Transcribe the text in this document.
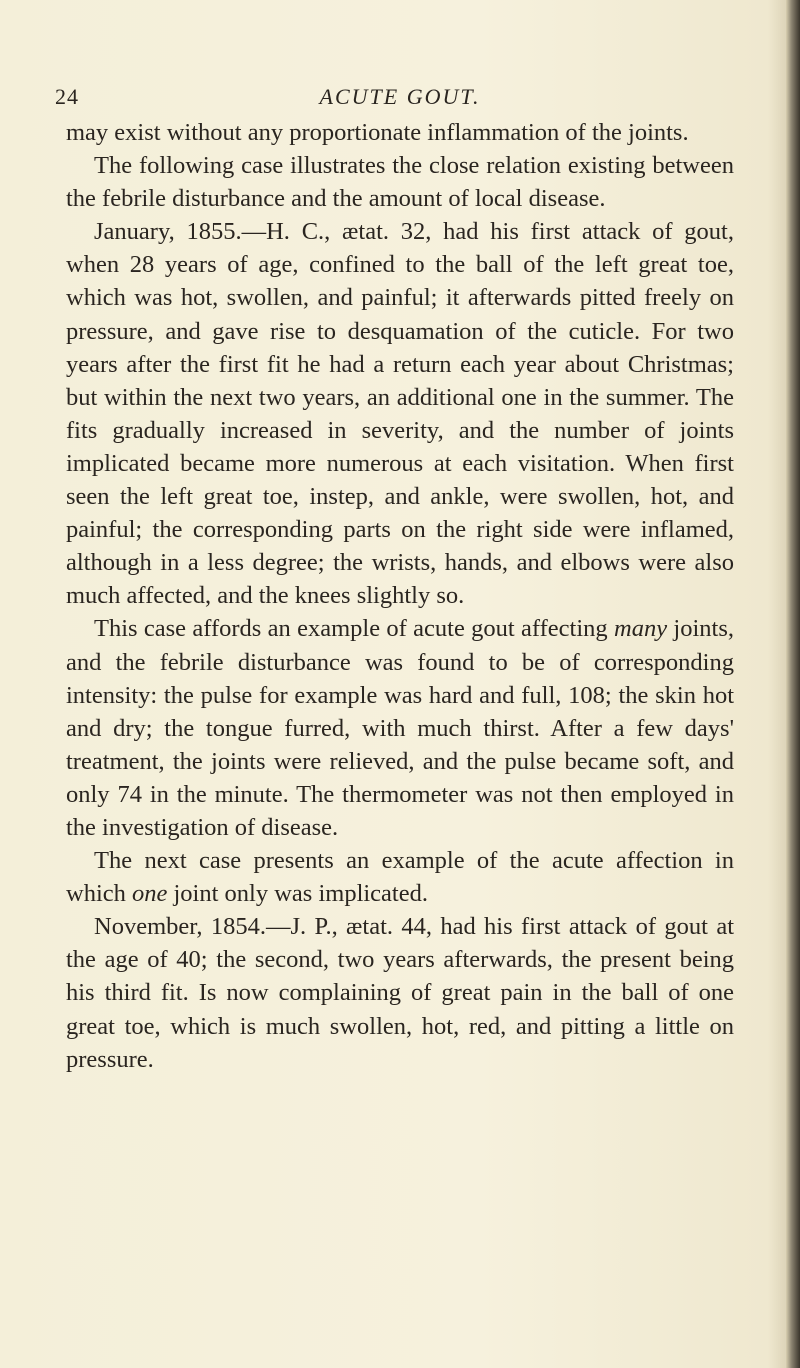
24	ACUTE GOUT.

may exist without any proportionate inflammation of the joints.

The following case illustrates the close relation existing between the febrile disturbance and the amount of local disease.

January, 1855.—H. C., ætat. 32, had his first attack of gout, when 28 years of age, confined to the ball of the left great toe, which was hot, swollen, and painful; it afterwards pitted freely on pressure, and gave rise to desquamation of the cuticle. For two years after the first fit he had a return each year about Christmas; but within the next two years, an additional one in the summer. The fits gradually increased in severity, and the number of joints implicated became more numerous at each visitation. When first seen the left great toe, instep, and ankle, were swollen, hot, and painful; the corresponding parts on the right side were inflamed, although in a less degree; the wrists, hands, and elbows were also much affected, and the knees slightly so.

This case affords an example of acute gout affecting many joints, and the febrile disturbance was found to be of corresponding intensity: the pulse for example was hard and full, 108; the skin hot and dry; the tongue furred, with much thirst. After a few days' treatment, the joints were relieved, and the pulse became soft, and only 74 in the minute. The thermometer was not then employed in the investigation of disease.

The next case presents an example of the acute affection in which one joint only was implicated.

November, 1854.—J. P., ætat. 44, had his first attack of gout at the age of 40; the second, two years afterwards, the present being his third fit. Is now complaining of great pain in the ball of one great toe, which is much swollen, hot, red, and pitting a little on pressure.
